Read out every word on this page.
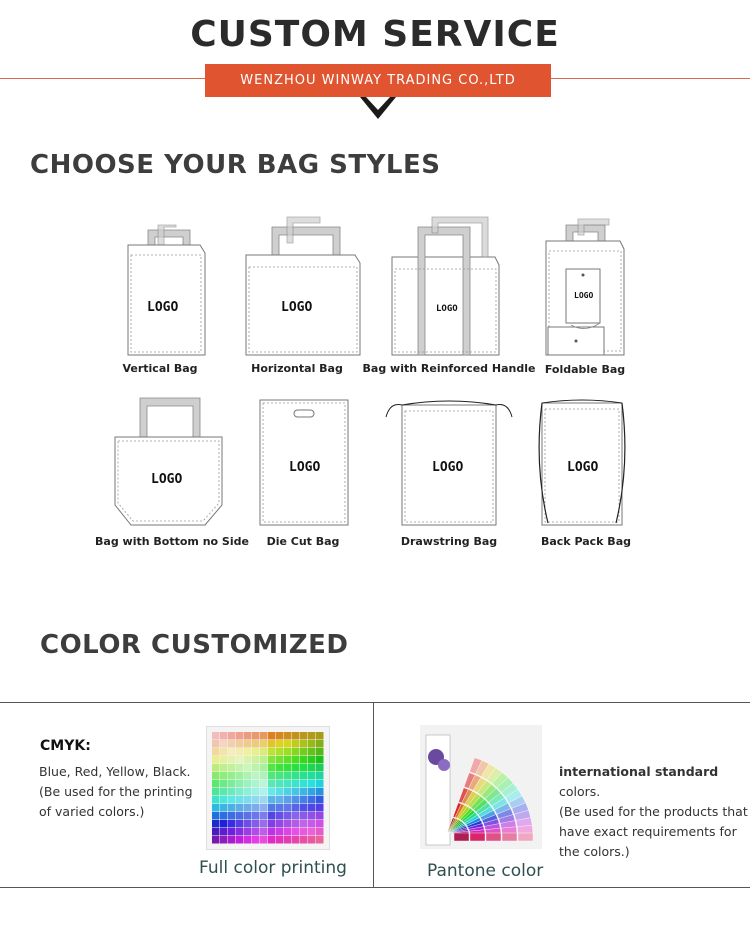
CUSTOM SERVICE
WENZHOU WINWAY TRADING CO.,LTD
CHOOSE YOUR BAG STYLES
LOGO	LOGO	LOGO
LOGO
Vertical Bag	Horizontal Bag Bag with Reinforced Handle Foldable Bag
LOGO
LOGO	LOGO	LOGO
Bag with Bottom no Side Die Cut Bag	Drawstring Bag	Back Pack Bag
COLOR CUSTOMIZED
CMYK:
Blue, Red, Yellow, Black.
(Be used for the printing
of varied colors.)
Full color printing	Pantone color
international standard colors.
(Be used for the products that
have exact requirements for
the colors.)
